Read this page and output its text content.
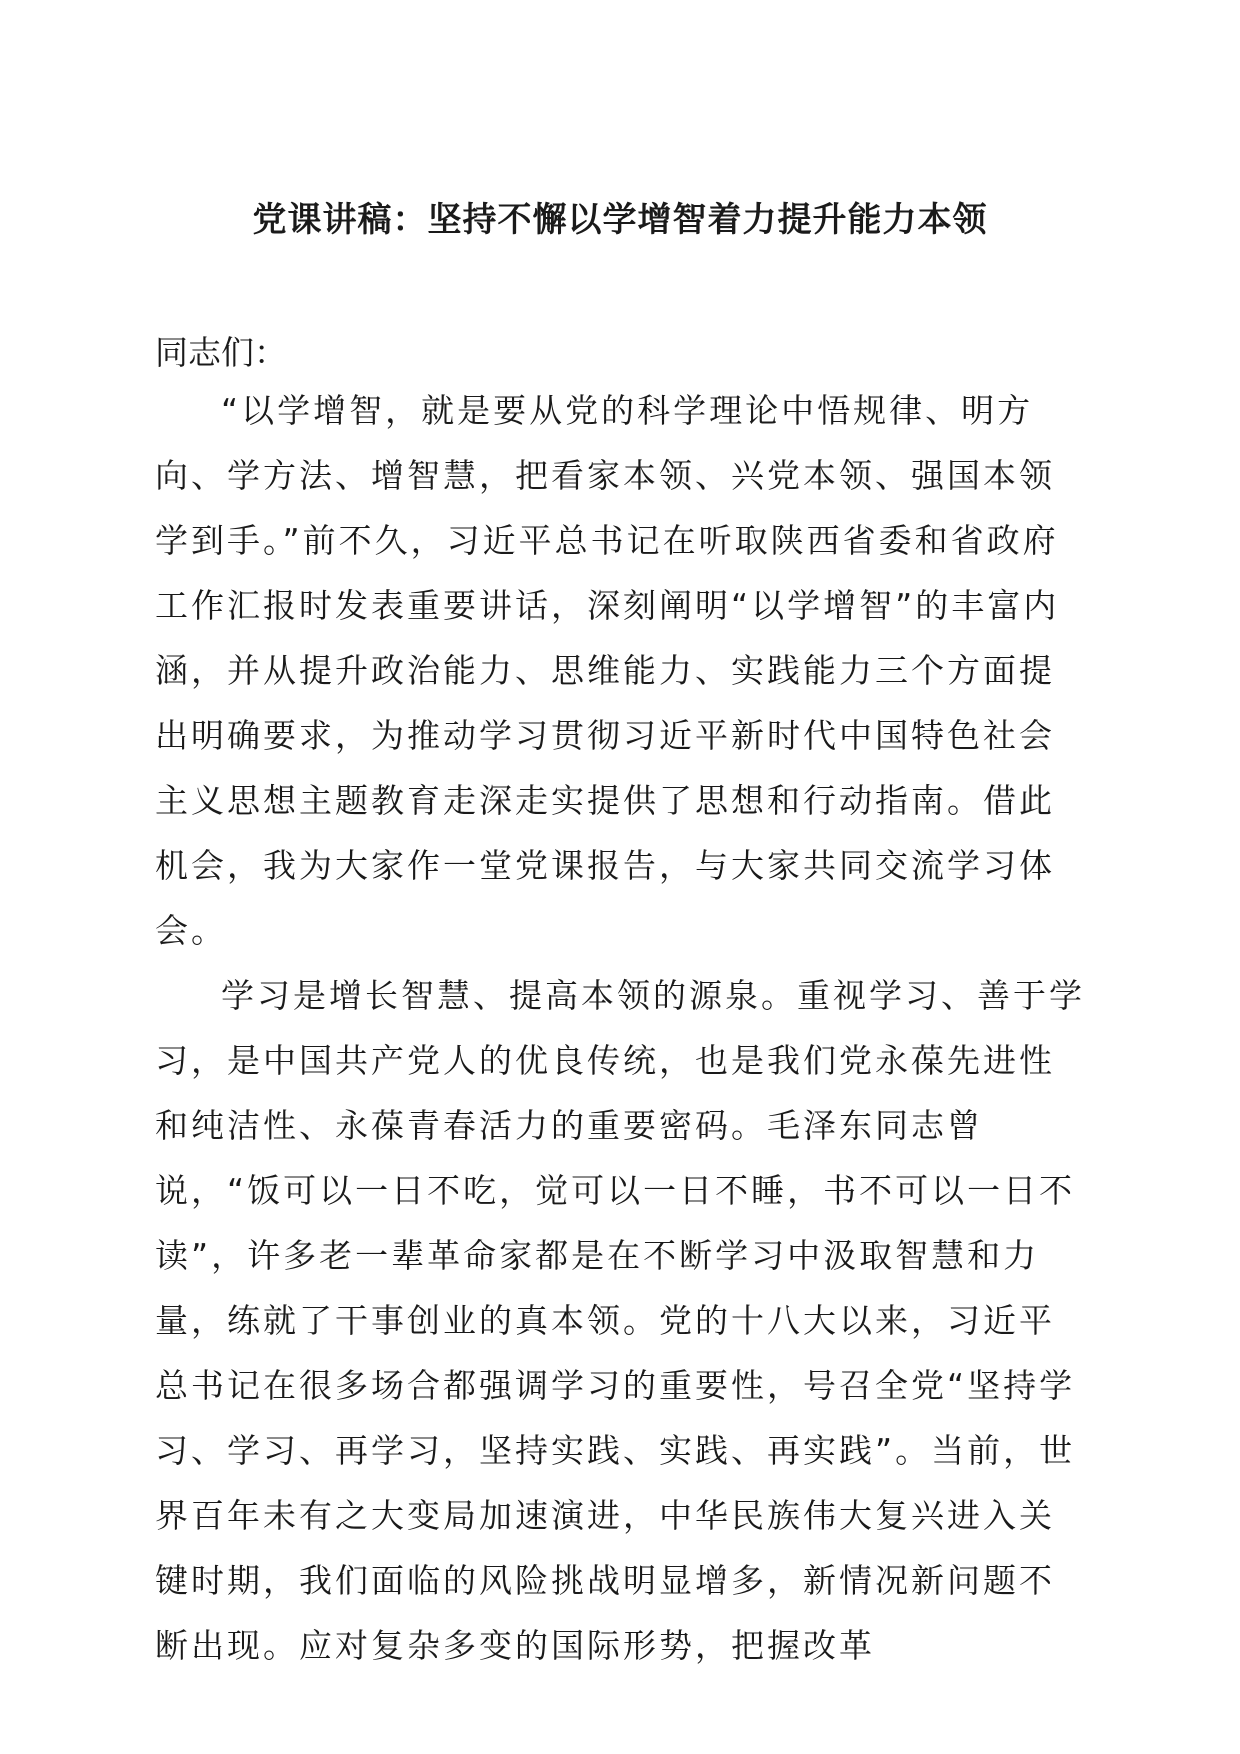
党课讲稿：坚持不懈以学增智着力提升能力本领
同志们：

“以学增智，就是要从党的科学理论中悟规律、明方向、学方法、增智慧，把看家本领、兴党本领、强国本领学到手。”前不久，习近平总书记在听取陕西省委和省政府工作汇报时发表重要讲话，深刻阐明“以学增智”的丰富内涵，并从提升政治能力、思维能力、实践能力三个方面提出明确要求，为推动学习贯彻习近平新时代中国特色社会主义思想主题教育走深走实提供了思想和行动指南。借此机会，我为大家作一堂党课报告，与大家共同交流学习体会。

学习是增长智慧、提高本领的源泉。重视学习、善于学习，是中国共产党人的优良传统，也是我们党永葆先进性和纯洁性、永葆青春活力的重要密码。毛泽东同志曾说，“饭可以一日不吃，觉可以一日不睡，书不可以一日不读”，许多老一辈革命家都是在不断学习中汲取智慧和力量，练就了干事创业的真本领。党的十八大以来，习近平总书记在很多场合都强调学习的重要性，号召全党“坚持学习、学习、再学习，坚持实践、实践、再实践”。当前，世界百年未有之大变局加速演进，中华民族伟大复兴进入关键时期，我们面临的风险挑战明显增多，新情况新问题不断出现。应对复杂多变的国际形势，把握改革
